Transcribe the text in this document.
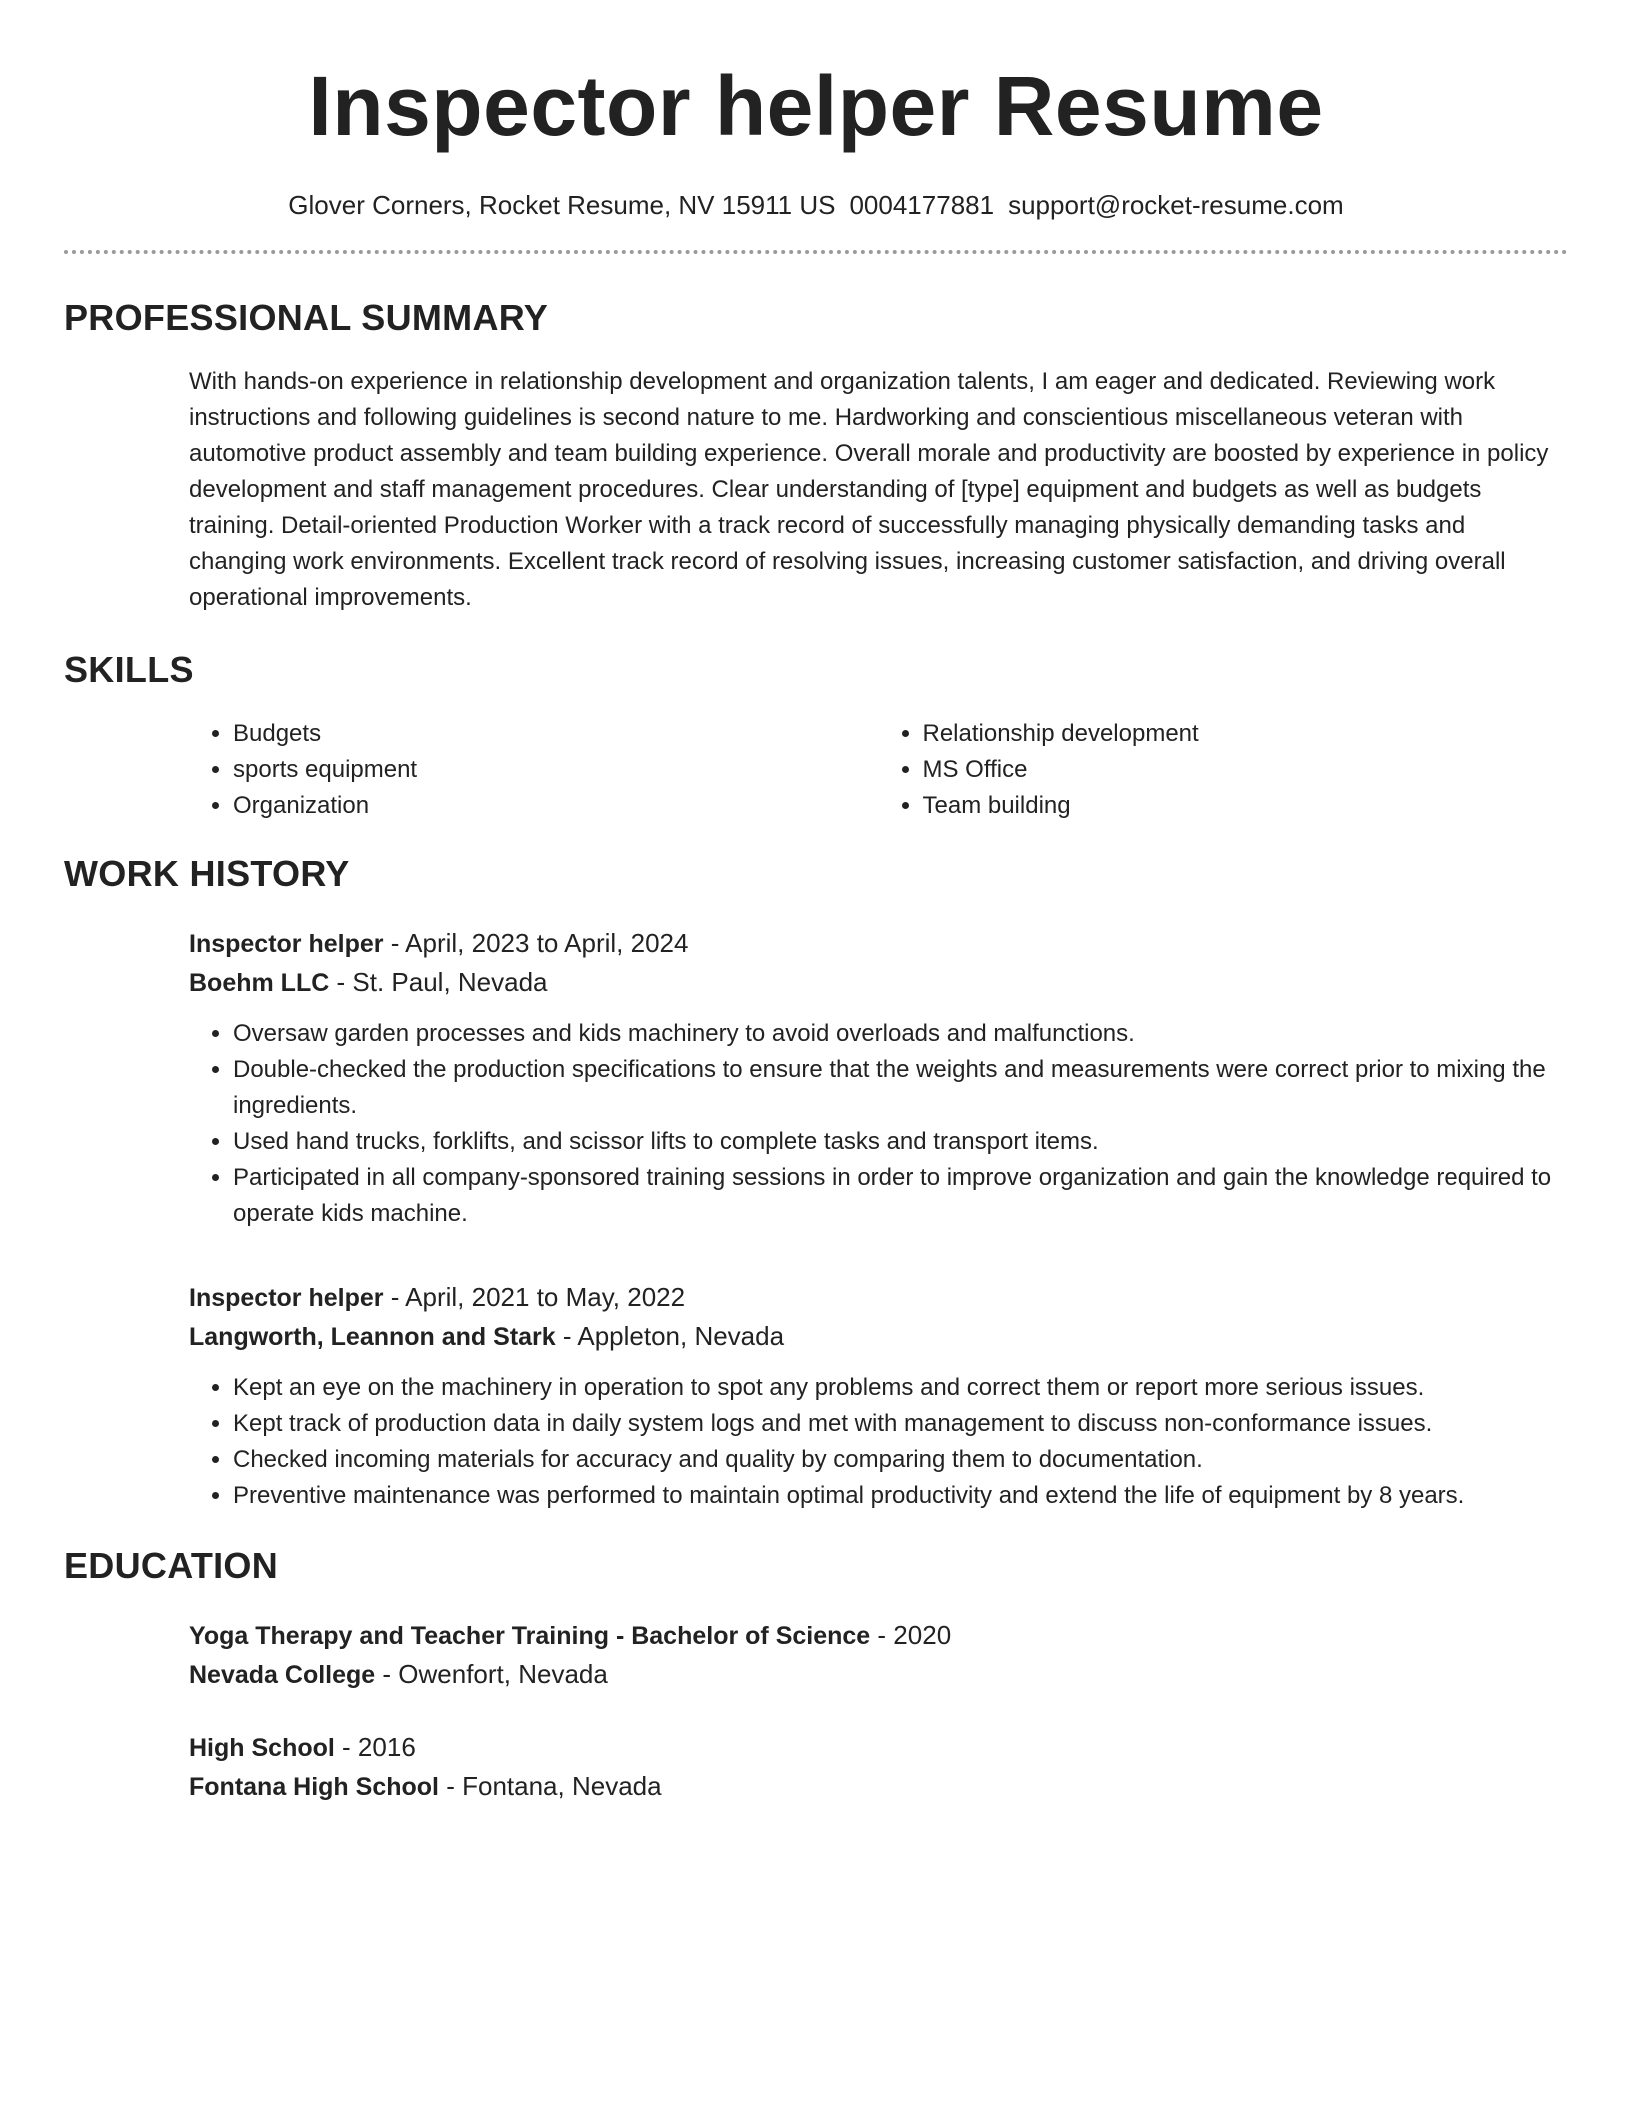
Inspector helper Resume
Glover Corners, Rocket Resume, NV 15911 US 0004177881 support@rocket-resume.com
PROFESSIONAL SUMMARY

With hands-on experience in relationship development and organization talents, I am eager and dedicated. Reviewing work instructions and following guidelines is second nature to me. Hardworking and conscientious miscellaneous veteran with automotive product assembly and team building experience. Overall morale and productivity are boosted by experience in policy development and staff management procedures. Clear understanding of [type] equipment and budgets as well as budgets training. Detail-oriented Production Worker with a track record of successfully managing physically demanding tasks and changing work environments. Excellent track record of resolving issues, increasing customer satisfaction, and driving overall operational improvements.

SKILLS
• Budgets
• sports equipment
• Organization
• Relationship development
• MS Office
• Team building
WORK HISTORY
Inspector helper - April, 2023 to April, 2024
Boehm LLC - St. Paul, Nevada
• Oversaw garden processes and kids machinery to avoid overloads and malfunctions.
• Double-checked the production specifications to ensure that the weights and measurements were correct prior to mixing the ingredients.
• Used hand trucks, forklifts, and scissor lifts to complete tasks and transport items.
• Participated in all company-sponsored training sessions in order to improve organization and gain the knowledge required to operate kids machine.
Inspector helper - April, 2021 to May, 2022
Langworth, Leannon and Stark - Appleton, Nevada
• Kept an eye on the machinery in operation to spot any problems and correct them or report more serious issues.
• Kept track of production data in daily system logs and met with management to discuss non-conformance issues.
• Checked incoming materials for accuracy and quality by comparing them to documentation.
• Preventive maintenance was performed to maintain optimal productivity and extend the life of equipment by 8 years.
EDUCATION
Yoga Therapy and Teacher Training - Bachelor of Science - 2020
Nevada College - Owenfort, Nevada
High School - 2016
Fontana High School - Fontana, Nevada
